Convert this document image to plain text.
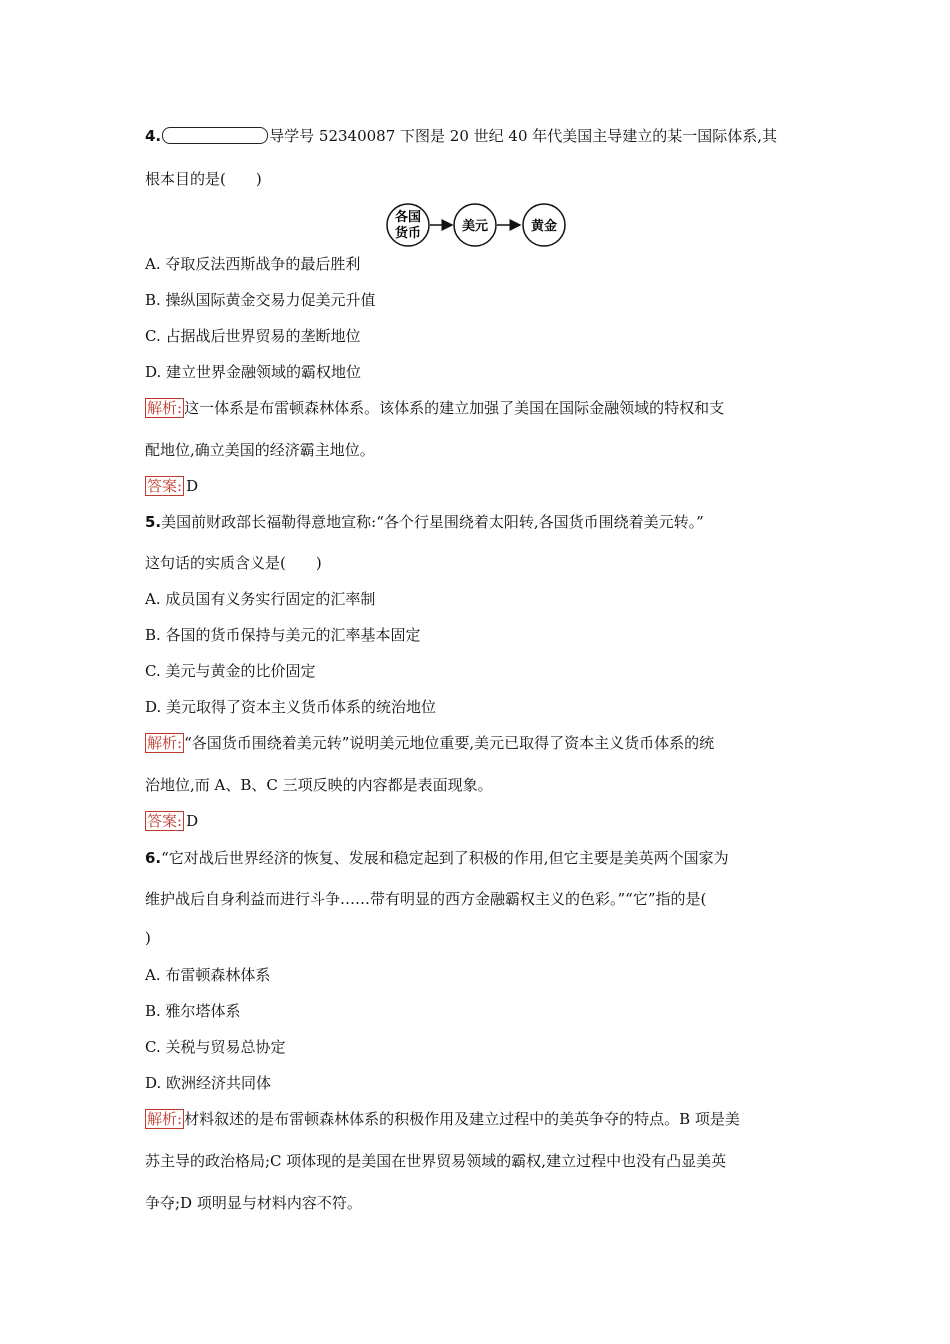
4.	导学号 52340087 下图是 20 世纪 40 年代美国主导建立的某一国际体系,其
根本目的是(　　)
各国
货币	美元	黄金
A. 夺取反法西斯战争的最后胜利
B. 操纵国际黄金交易力促美元升值
C. 占据战后世界贸易的垄断地位
D. 建立世界金融领域的霸权地位
解析: 这一体系是布雷顿森林体系。该体系的建立加强了美国在国际金融领域的特权和支
配地位,确立美国的经济霸主地位。
答案: D
5.美国前财政部长福勒得意地宣称:“各个行星围绕着太阳转,各国货币围绕着美元转。”
这句话的实质含义是(　　)
A. 成员国有义务实行固定的汇率制
B. 各国的货币保持与美元的汇率基本固定
C. 美元与黄金的比价固定
D. 美元取得了资本主义货币体系的统治地位
解析: “各国货币围绕着美元转”说明美元地位重要,美元已取得了资本主义货币体系的统
治地位,而 A、B、C 三项反映的内容都是表面现象。
答案: D
6.“它对战后世界经济的恢复、发展和稳定起到了积极的作用,但它主要是美英两个国家为
维护战后自身利益而进行斗争……带有明显的西方金融霸权主义的色彩。”“它”指的是(
)
A. 布雷顿森林体系
B. 雅尔塔体系
C. 关税与贸易总协定
D. 欧洲经济共同体
解析: 材料叙述的是布雷顿森林体系的积极作用及建立过程中的美英争夺的特点。B 项是美
苏主导的政治格局;C 项体现的是美国在世界贸易领域的霸权,建立过程中也没有凸显美英
争夺;D 项明显与材料内容不符。
